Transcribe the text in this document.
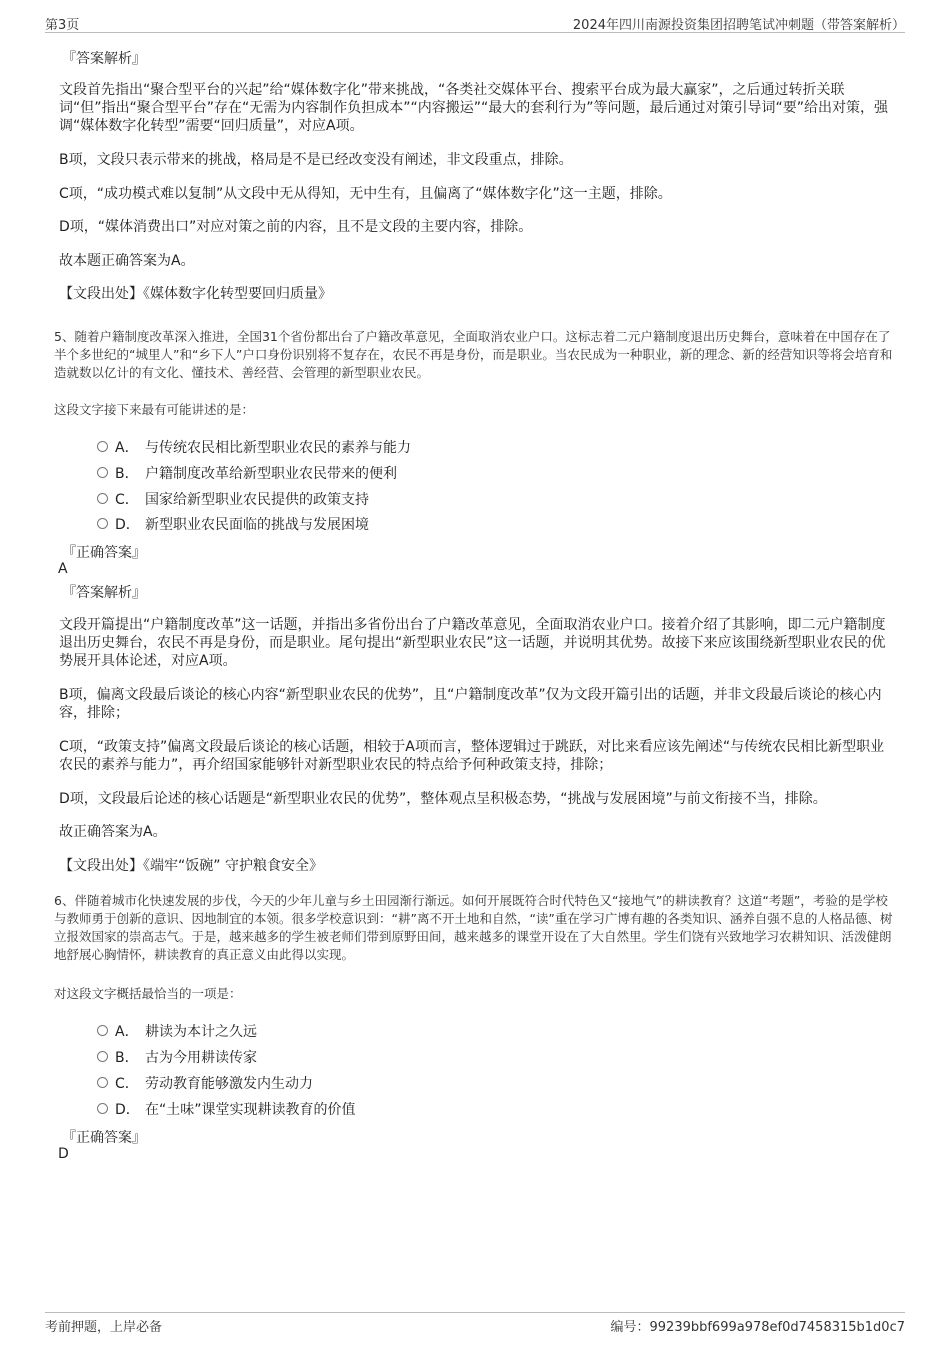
第3页	2024年四川南源投资集团招聘笔试冲刺题（带答案解析）
『答案解析』
文段首先指出“聚合型平台的兴起”给“媒体数字化”带来挑战，“各类社交媒体平台、搜索平台成为最大赢家”，之后通过转折关联词“但”指出“聚合型平台”存在“无需为内容制作负担成本”“内容搬运”“最大的套利行为”等问题，最后通过对策引导词“要”给出对策，强调“媒体数字化转型”需要“回归质量”，对应A项。
B项，文段只表示带来的挑战，格局是不是已经改变没有阐述，非文段重点，排除。
C项，“成功模式难以复制”从文段中无从得知，无中生有，且偏离了“媒体数字化”这一主题，排除。
D项，“媒体消费出口”对应对策之前的内容，且不是文段的主要内容，排除。
故本题正确答案为A。
【文段出处】《媒体数字化转型要回归质量》
5、随着户籍制度改革深入推进，全国31个省份都出台了户籍改革意见，全面取消农业户口。这标志着二元户籍制度退出历史舞台，意味着在中国存在了半个多世纪的“城里人”和“乡下人”户口身份识别将不复存在，农民不再是身份，而是职业。当农民成为一种职业，新的理念、新的经营知识等将会培育和造就数以亿计的有文化、懂技术、善经营、会管理的新型职业农民。
这段文字接下来最有可能讲述的是：
A． 与传统农民相比新型职业农民的素养与能力
B． 户籍制度改革给新型职业农民带来的便利
C． 国家给新型职业农民提供的政策支持
D． 新型职业农民面临的挑战与发展困境
『正确答案』
A
『答案解析』
文段开篇提出“户籍制度改革”这一话题，并指出多省份出台了户籍改革意见，全面取消农业户口。接着介绍了其影响，即二元户籍制度退出历史舞台，农民不再是身份，而是职业。尾句提出“新型职业农民”这一话题，并说明其优势。故接下来应该围绕新型职业农民的优势展开具体论述，对应A项。
B项，偏离文段最后谈论的核心内容“新型职业农民的优势”，且“户籍制度改革”仅为文段开篇引出的话题，并非文段最后谈论的核心内容，排除；
C项，“政策支持”偏离文段最后谈论的核心话题，相较于A项而言，整体逻辑过于跳跃，对比来看应该先阐述“与传统农民相比新型职业农民的素养与能力”，再介绍国家能够针对新型职业农民的特点给予何种政策支持，排除；
D项，文段最后论述的核心话题是“新型职业农民的优势”，整体观点呈积极态势，“挑战与发展困境”与前文衔接不当，排除。
故正确答案为A。
【文段出处】《端牢“饭碗” 守护粮食安全》
6、伴随着城市化快速发展的步伐，今天的少年儿童与乡土田园渐行渐远。如何开展既符合时代特色又“接地气”的耕读教育？这道“考题”，考验的是学校与教师勇于创新的意识、因地制宜的本领。很多学校意识到：“耕”离不开土地和自然，“读”重在学习广博有趣的各类知识、涵养自强不息的人格品德、树立报效国家的崇高志气。于是，越来越多的学生被老师们带到原野田间，越来越多的课堂开设在了大自然里。学生们饶有兴致地学习农耕知识、活泼健朗地舒展心胸情怀，耕读教育的真正意义由此得以实现。
对这段文字概括最恰当的一项是：
A． 耕读为本计之久远
B． 古为今用耕读传家
C． 劳动教育能够激发内生动力
D． 在“土味”课堂实现耕读教育的价值
『正确答案』
D
考前押题，上岸必备	编号：99239bbf699a978ef0d7458315b1d0c7
